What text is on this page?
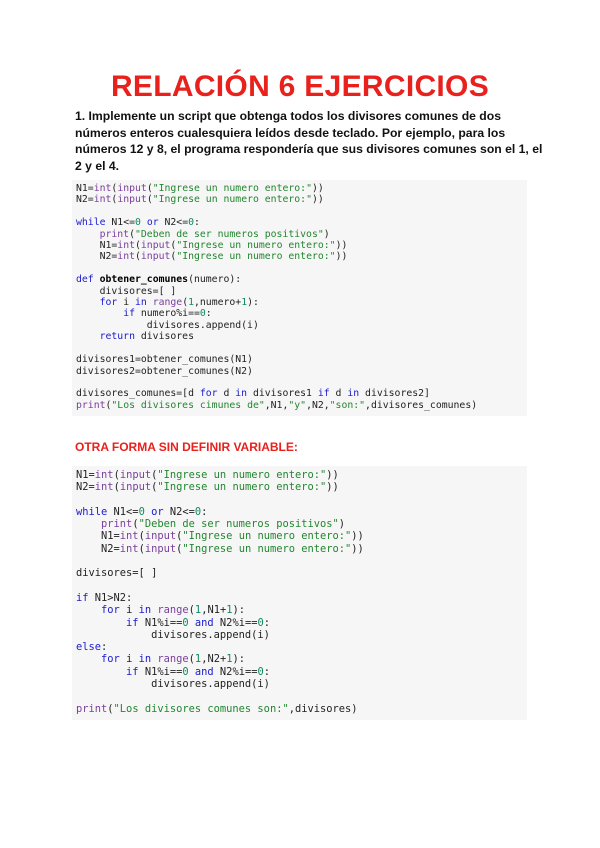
RELACIÓN 6 EJERCICIOS

1. Implemente un script que obtenga todos los divisores comunes de dos números enteros cualesquiera leídos desde teclado. Por ejemplo, para los números 12 y 8, el programa respondería que sus divisores comunes son el 1, el 2 y el 4.

N1=int(input("Ingrese un numero entero:"))
N2=int(input("Ingrese un numero entero:"))
while N1<=0 or N2<=0:
print("Deben de ser numeros positivos")
N1=int(input("Ingrese un numero entero:"))
N2=int(input("Ingrese un numero entero:"))
def obtener_comunes(numero):
divisores=[ ]
for i in range(1,numero+1):
if numero%i==0:
divisores.append(i)
return divisores
divisores1=obtener_comunes(N1)
divisores2=obtener_comunes(N2)
divisores_comunes=[d for d in divisores1 if d in divisores2]
print("Los divisores cimunes de",N1,"y",N2,"son:",divisores_comunes)

OTRA FORMA SIN DEFINIR VARIABLE:

N1=int(input("Ingrese un numero entero:"))
N2=int(input("Ingrese un numero entero:"))
while N1<=0 or N2<=0:
print("Deben de ser numeros positivos")
N1=int(input("Ingrese un numero entero:"))
N2=int(input("Ingrese un numero entero:"))
divisores=[ ]
if N1>N2:
for i in range(1,N1+1):
if N1%i==0 and N2%i==0:
divisores.append(i)
else:
for i in range(1,N2+1):
if N1%i==0 and N2%i==0:
divisores.append(i)
print("Los divisores comunes son:",divisores)
